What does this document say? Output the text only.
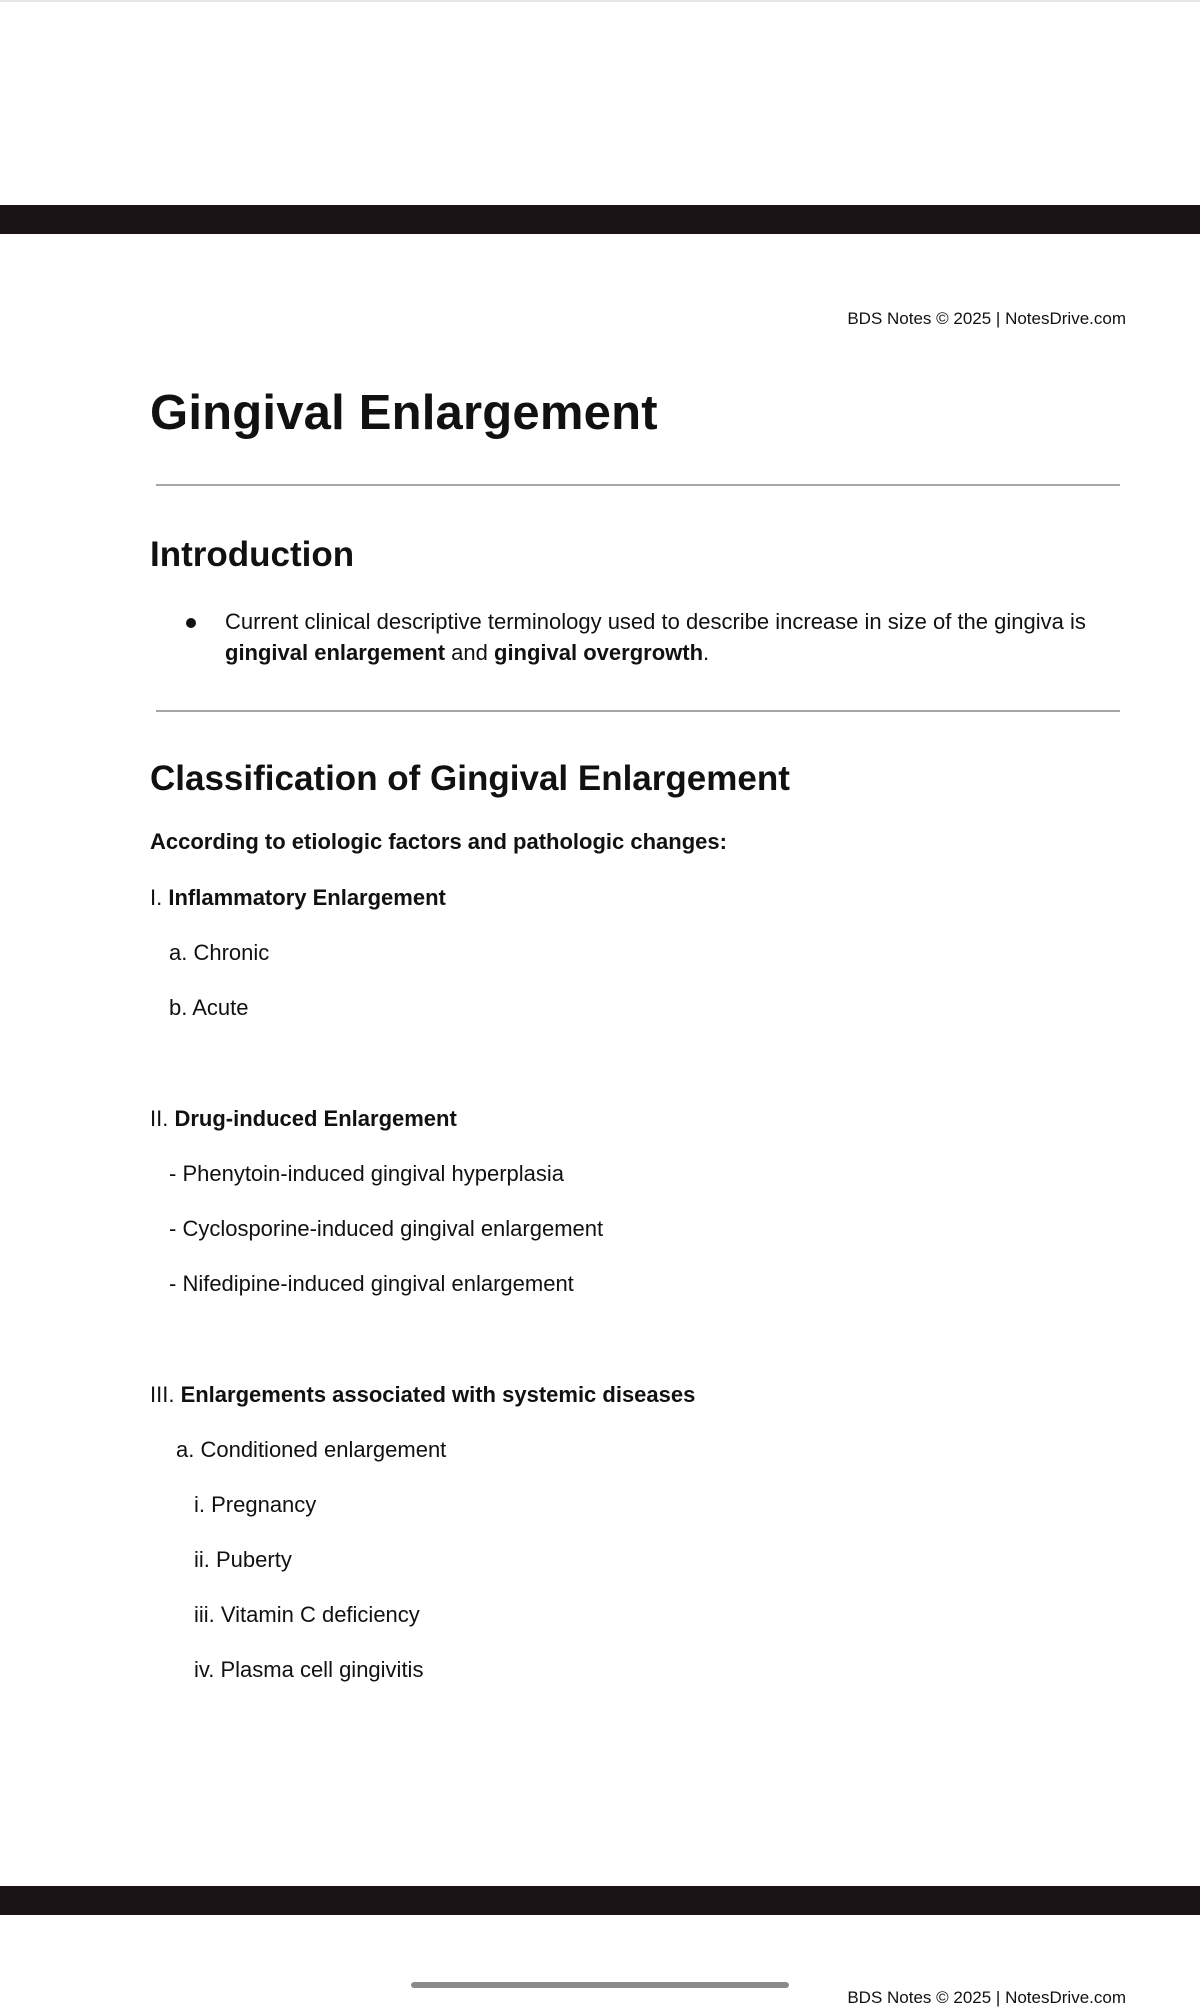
BDS Notes © 2025 | NotesDrive.com
Gingival Enlargement
Introduction
Current clinical descriptive terminology used to describe increase in size of the gingiva is gingival enlargement and gingival overgrowth.
Classification of Gingival Enlargement
According to etiologic factors and pathologic changes:
I. Inflammatory Enlargement
a. Chronic
b. Acute
II. Drug-induced Enlargement
- Phenytoin-induced gingival hyperplasia
- Cyclosporine-induced gingival enlargement
- Nifedipine-induced gingival enlargement
III. Enlargements associated with systemic diseases
a. Conditioned enlargement
i. Pregnancy
ii. Puberty
iii. Vitamin C deficiency
iv. Plasma cell gingivitis
BDS Notes © 2025 | NotesDrive.com
